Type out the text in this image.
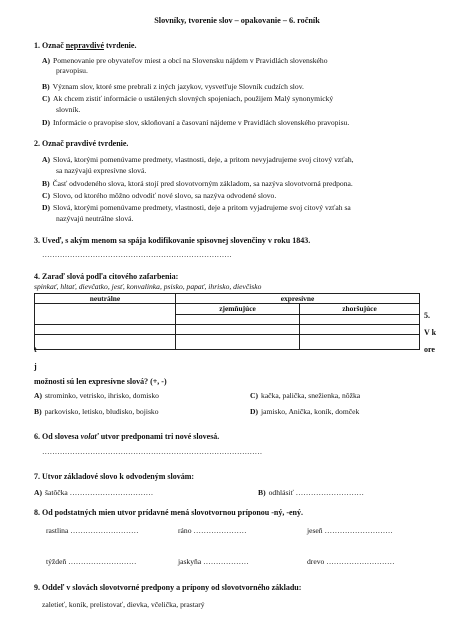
Slovníky, tvorenie slov – opakovanie – 6. ročník
1. Označ nepravdivé tvrdenie.
A) Pomenovanie pre obyvateľov miest a obcí na Slovensku nájdem v Pravidlách slovenského
pravopisu.
B) Význam slov, ktoré sme prebrali z iných jazykov, vysvetľuje Slovník cudzích slov.
C) Ak chcem zistiť informácie o ustálených slovných spojeniach, použijem Malý synonymický
slovník.
D) Informácie o pravopise slov, skloňovaní a časovaní nájdeme v Pravidlách slovenského pravopisu.
2. Označ pravdivé tvrdenie.
A) Slová, ktorými pomenúvame predmety, vlastnosti, deje, a pritom nevyjadrujeme svoj citový vzťah,
sa nazývajú expresívne slová.
B) Časť odvodeného slova, ktorá stojí pred slovotvorným základom, sa nazýva slovotvorná predpona.
C) Slovo, od ktorého môžno odvodiť nové slovo, sa nazýva odvodené slovo.
D) Slová, ktorými pomenúvame predmety, vlastnosti, deje a pritom vyjadrujeme svoj citový vzťah sa
nazývajú neutrálne slová.
3. Uveď, s akým menom sa spája kodifikovanie spisovnej slovenčiny v roku 1843.
…………………………………………………………………
4. Zaraď slová podľa citového zafarbenia:
spinkať, hltať, dievčatko, jesť, konvalinka, psisko, papať, ihrisko, dievčisko
neutrálne	expresívne	
	zjemňujúce	zhoršujúce

5.
V k
ore
t
j
možnosti sú len expresívne slová? (+, -)
A) strominko, vetrisko, ihrisko, domisko
B) parkovisko, letisko, bludisko, bojisko
C) kačka, palička, snežienka, nôžka
D) jamisko, Anička, koník, domček
6. Od slovesa volať utvor predponami tri nové slovesá.
……………………………………………………………………………
7. Utvor základové slovo k odvodeným slovám:
A) šatôčka ……………………………	B) odhlásiť ………………………
8. Od podstatných mien utvor prídavné mená slovotvornou príponou -ný, -ený.
rastlina ………………………	ráno …………………	jeseň ………………………
týždeň ………………………	jaskyňa ………………	drevo ………………………
9. Oddeľ v slovách slovotvorné predpony a prípony od slovotvorného základu:
zaletieť, koník, prelistovať, dievka, včelička, prastarý
